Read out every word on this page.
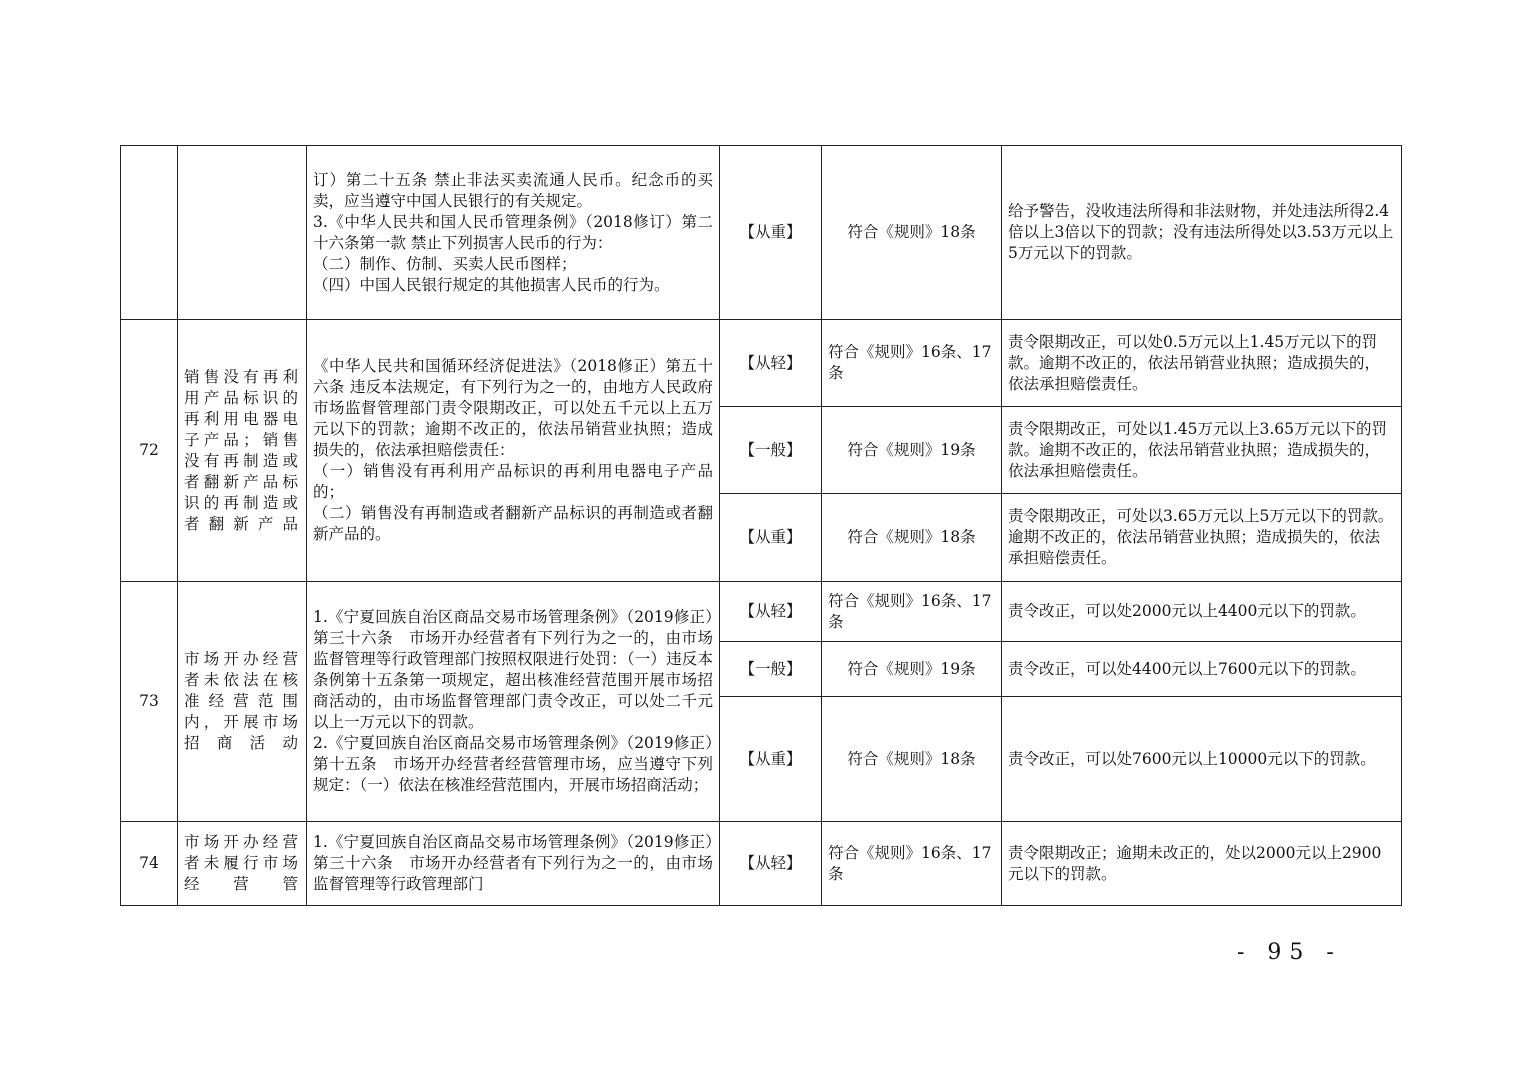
		订）第二十五条 禁止非法买卖流通人民币。纪念币的买卖，应当遵守中国人民银行的有关规定。
3.《中华人民共和国人民币管理条例》（2018修订）第二十六条第一款 禁止下列损害人民币的行为：
（二）制作、仿制、买卖人民币图样；
（四）中国人民银行规定的其他损害人民币的行为。	【从重】	符合《规则》18条	给予警告，没收违法所得和非法财物，并处违法所得2.4倍以上3倍以下的罚款；没有违法所得处以3.53万元以上5万元以下的罚款。
72	销售没有再利用产品标识的再利用电器电子产品；销售没有再制造或者翻新产品标识的再制造或者翻新产品	《中华人民共和国循环经济促进法》（2018修正）第五十六条 违反本法规定，有下列行为之一的，由地方人民政府市场监督管理部门责令限期改正，可以处五千元以上五万元以下的罚款；逾期不改正的，依法吊销营业执照；造成损失的，依法承担赔偿责任：
（一）销售没有再利用产品标识的再利用电器电子产品的；
（二）销售没有再制造或者翻新产品标识的再制造或者翻新产品的。	【从轻】	符合《规则》16条、17条	责令限期改正，可以处0.5万元以上1.45万元以下的罚款。逾期不改正的，依法吊销营业执照；造成损失的，依法承担赔偿责任。
			【一般】	符合《规则》19条	责令限期改正，可处以1.45万元以上3.65万元以下的罚款。逾期不改正的，依法吊销营业执照；造成损失的，依法承担赔偿责任。
			【从重】	符合《规则》18条	责令限期改正，可处以3.65万元以上5万元以下的罚款。逾期不改正的，依法吊销营业执照；造成损失的，依法承担赔偿责任。
73	市场开办经营者未依法在核准经营范围内，开展市场招商活动	1.《宁夏回族自治区商品交易市场管理条例》（2019修正）第三十六条　市场开办经营者有下列行为之一的，由市场监督管理等行政管理部门按照权限进行处罚：（一）违反本条例第十五条第一项规定，超出核准经营范围开展市场招商活动的，由市场监督管理部门责令改正，可以处二千元以上一万元以下的罚款。
2.《宁夏回族自治区商品交易市场管理条例》（2019修正）第十五条　市场开办经营者经营管理市场，应当遵守下列规定：（一）依法在核准经营范围内，开展市场招商活动；	【从轻】	符合《规则》16条、17条	责令改正，可以处2000元以上4400元以下的罚款。
			【一般】	符合《规则》19条	责令改正，可以处4400元以上7600元以下的罚款。
			【从重】	符合《规则》18条	责令改正，可以处7600元以上10000元以下的罚款。
74	市场开办经营者未履行市场经营管	1.《宁夏回族自治区商品交易市场管理条例》（2019修正）第三十六条　市场开办经营者有下列行为之一的，由市场监督管理等行政管理部门	【从轻】	符合《规则》16条、17条	责令限期改正；逾期未改正的，处以2000元以上2900元以下的罚款。
- 95 -
